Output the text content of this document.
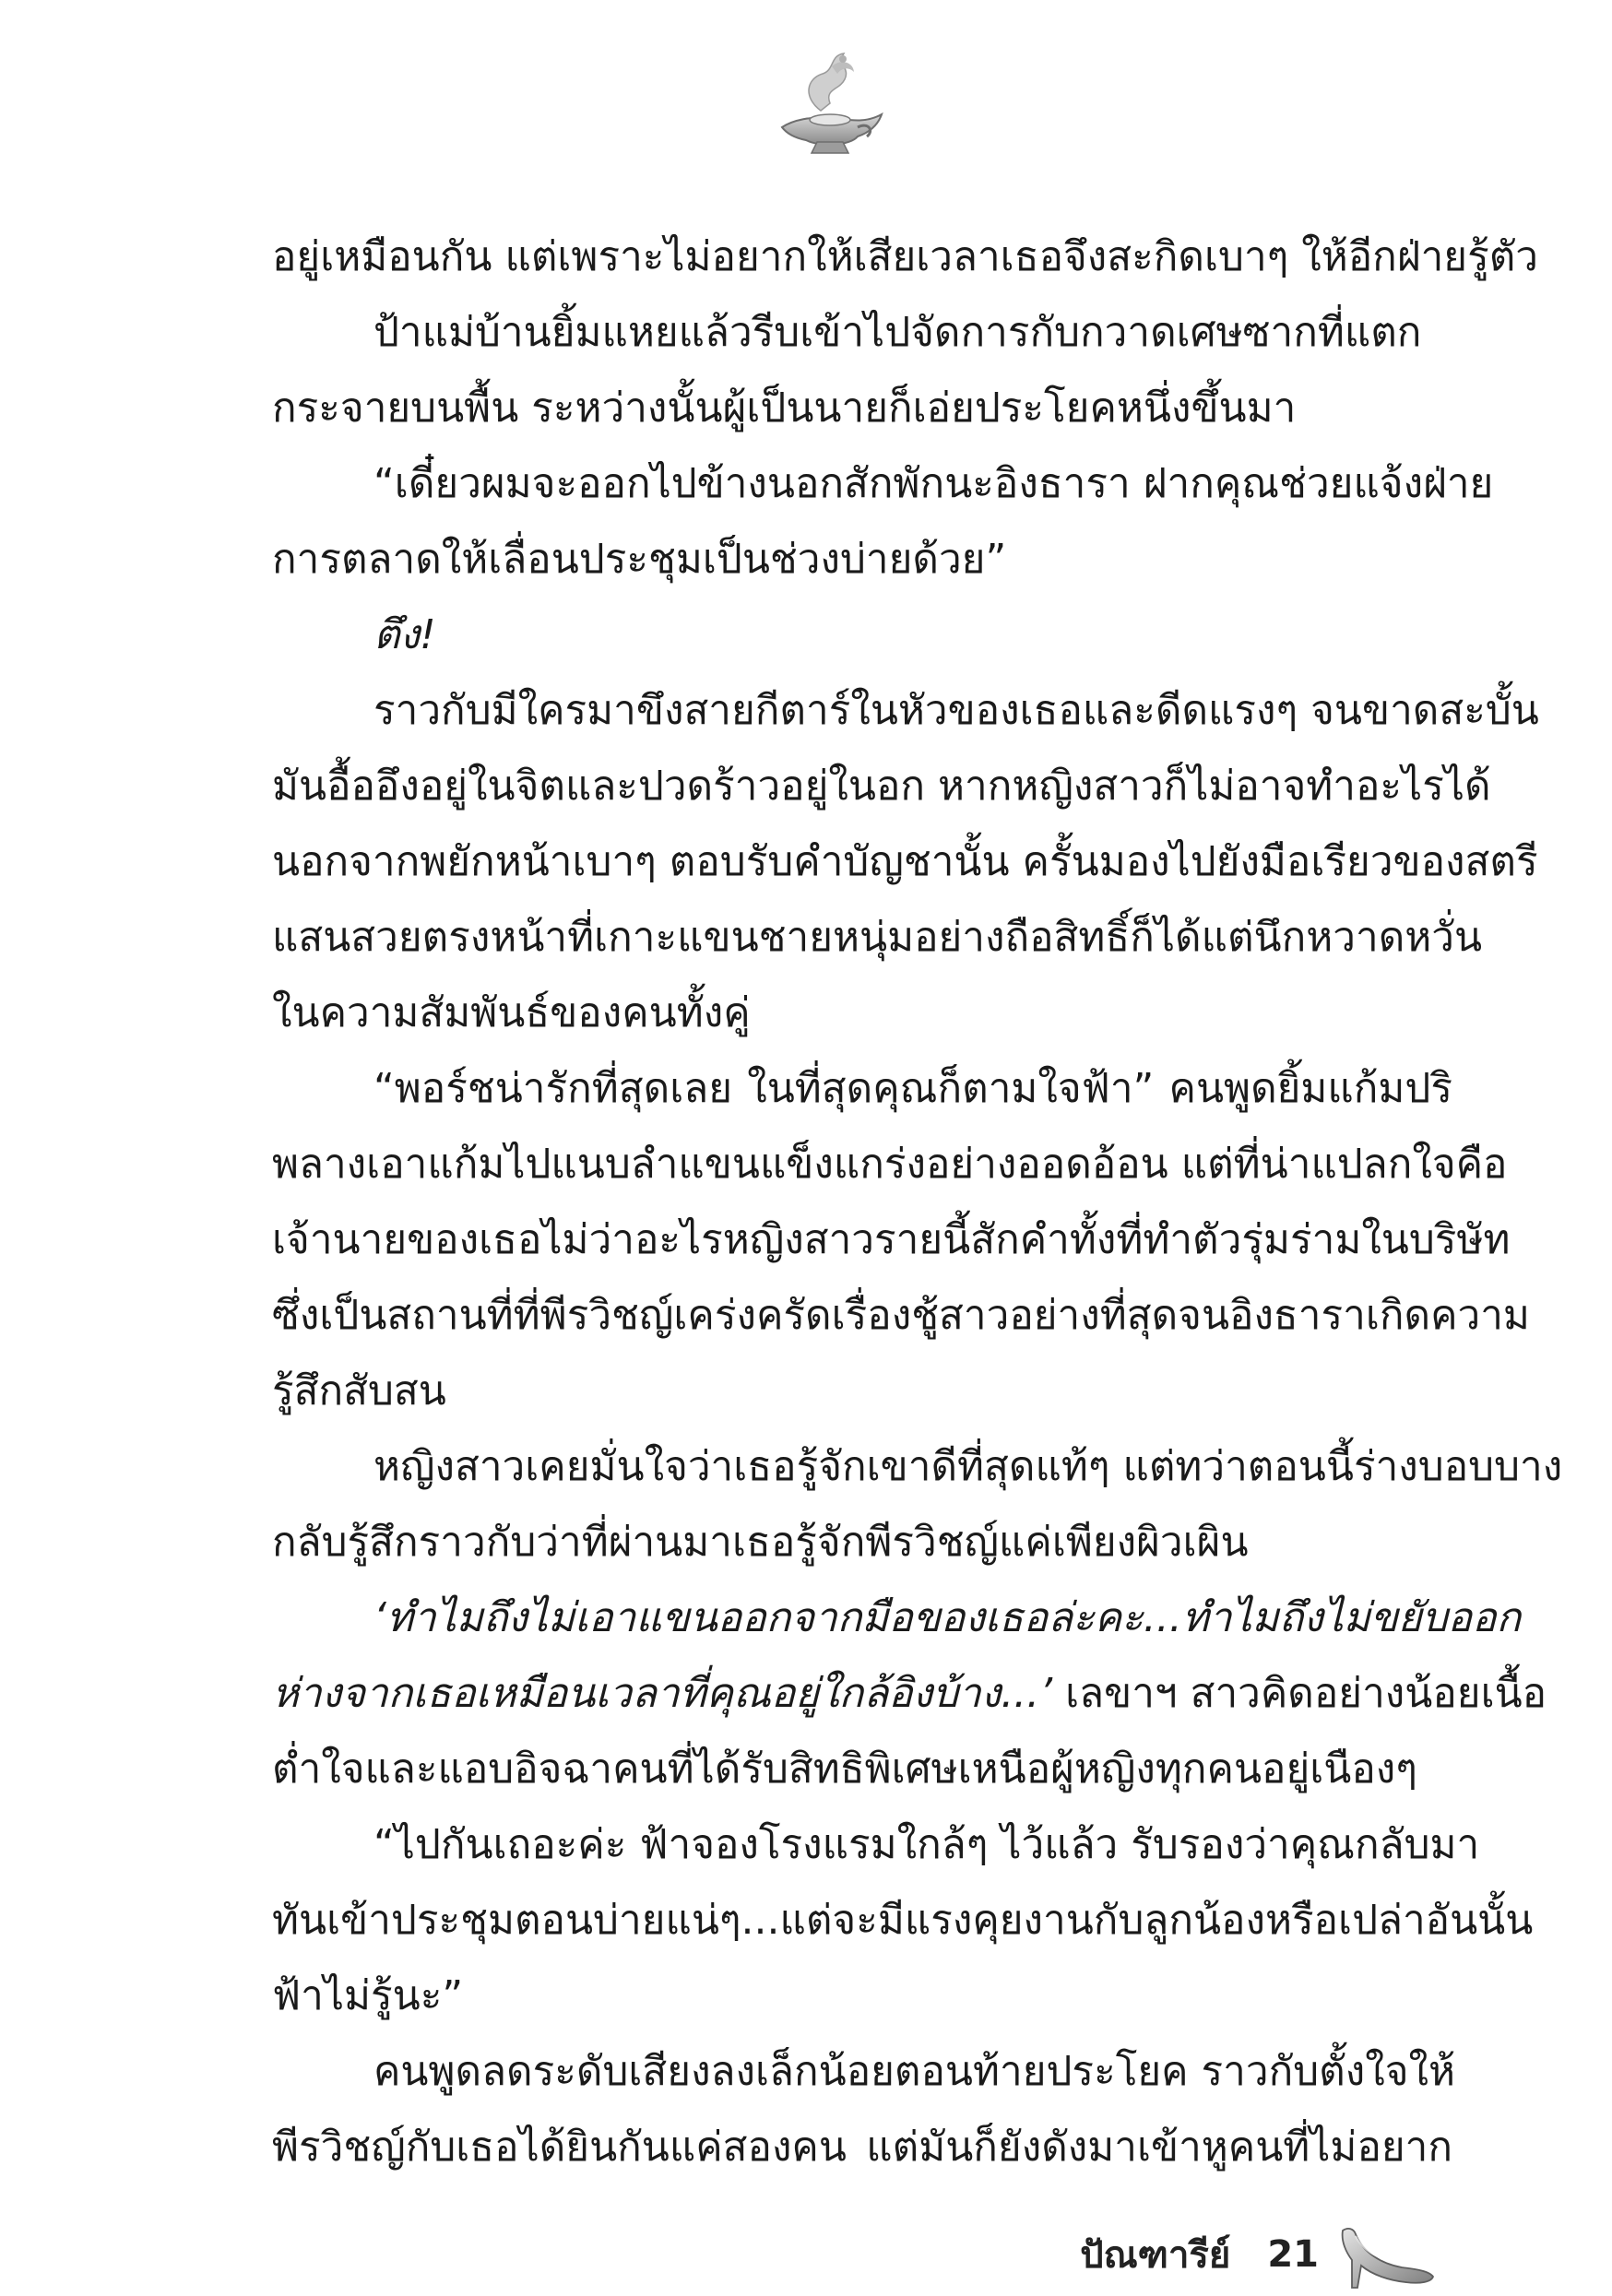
อยู่เหมือนกัน แต่เพราะไม่อยากให้เสียเวลาเธอจึงสะกิดเบาๆ ให้อีกฝ่ายรู้ตัว
ป้าแม่บ้านยิ้มแหยแล้วรีบเข้าไปจัดการกับกวาดเศษซากที่แตก
กระจายบนพื้น ระหว่างนั้นผู้เป็นนายก็เอ่ยประโยคหนึ่งขึ้นมา
“เดี๋ยวผมจะออกไปข้างนอกสักพักนะอิงธารา ฝากคุณช่วยแจ้งฝ่าย
การตลาดให้เลื่อนประชุมเป็นช่วงบ่ายด้วย”
ตึง!
ราวกับมีใครมาขึงสายกีตาร์ในหัวของเธอและดีดแรงๆ จนขาดสะบั้น
มันอื้ออึงอยู่ในจิตและปวดร้าวอยู่ในอก หากหญิงสาวก็ไม่อาจทำอะไรได้
นอกจากพยักหน้าเบาๆ ตอบรับคำบัญชานั้น ครั้นมองไปยังมือเรียวของสตรี
แสนสวยตรงหน้าที่เกาะแขนชายหนุ่มอย่างถือสิทธิ์ก็ได้แต่นึกหวาดหวั่น
ในความสัมพันธ์ของคนทั้งคู่
“พอร์ชน่ารักที่สุดเลย ในที่สุดคุณก็ตามใจฟ้า” คนพูดยิ้มแก้มปริ
พลางเอาแก้มไปแนบลำแขนแข็งแกร่งอย่างออดอ้อน แต่ที่น่าแปลกใจคือ
เจ้านายของเธอไม่ว่าอะไรหญิงสาวรายนี้สักคำทั้งที่ทำตัวรุ่มร่ามในบริษัท
ซึ่งเป็นสถานที่ที่พีรวิชญ์เคร่งครัดเรื่องชู้สาวอย่างที่สุดจนอิงธาราเกิดความ
รู้สึกสับสน
หญิงสาวเคยมั่นใจว่าเธอรู้จักเขาดีที่สุดแท้ๆ แต่ทว่าตอนนี้ร่างบอบบาง
กลับรู้สึกราวกับว่าที่ผ่านมาเธอรู้จักพีรวิชญ์แค่เพียงผิวเผิน
‘ทำไมถึงไม่เอาแขนออกจากมือของเธอล่ะคะ...ทำไมถึงไม่ขยับออก
ห่างจากเธอเหมือนเวลาที่คุณอยู่ใกล้อิงบ้าง...’ เลขาฯ สาวคิดอย่างน้อยเนื้อ
ต่ำใจและแอบอิจฉาคนที่ได้รับสิทธิพิเศษเหนือผู้หญิงทุกคนอยู่เนืองๆ
“ไปกันเถอะค่ะ ฟ้าจองโรงแรมใกล้ๆ ไว้แล้ว รับรองว่าคุณกลับมา
ทันเข้าประชุมตอนบ่ายแน่ๆ...แต่จะมีแรงคุยงานกับลูกน้องหรือเปล่าอันนั้น
ฟ้าไม่รู้นะ”
คนพูดลดระดับเสียงลงเล็กน้อยตอนท้ายประโยค ราวกับตั้งใจให้
พีรวิชญ์กับเธอได้ยินกันแค่สองคน แต่มันก็ยังดังมาเข้าหูคนที่ไม่อยาก
ปัณฑารีย์ 21
